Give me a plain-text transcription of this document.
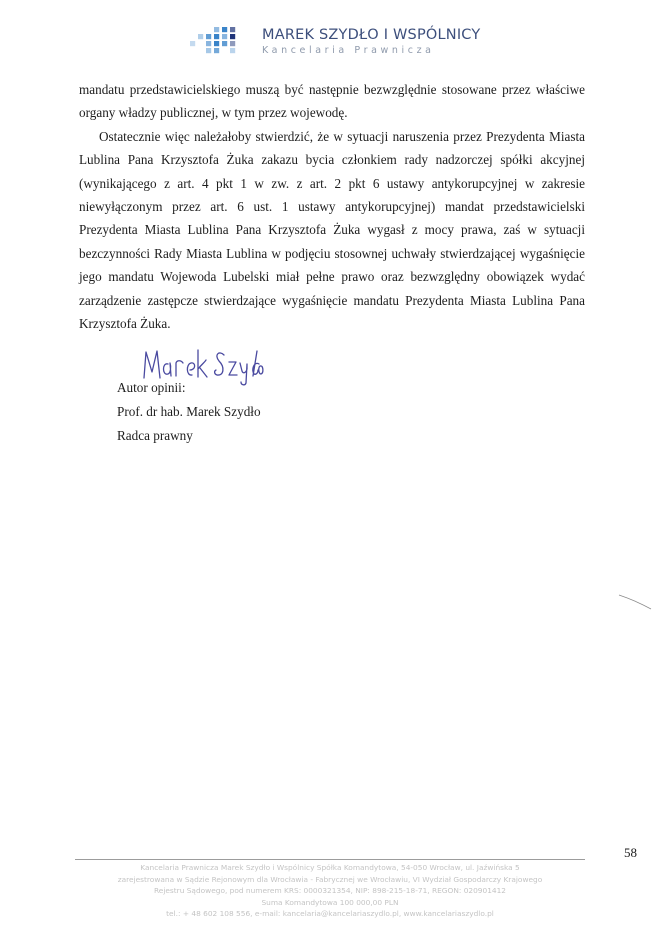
MAREK SZYDŁO I WSPÓLNICY
Kancelaria Prawnicza

mandatu przedstawicielskiego muszą być następnie bezwzględnie stosowane przez właściwe organy władzy publicznej, w tym przez wojewodę.

Ostatecznie więc należałoby stwierdzić, że w sytuacji naruszenia przez Prezydenta Miasta Lublina Pana Krzysztofa Żuka zakazu bycia członkiem rady nadzorczej spółki akcyjnej (wynikającego z art. 4 pkt 1 w zw. z art. 2 pkt 6 ustawy antykorupcyjnej w zakresie niewyłączonym przez art. 6 ust. 1 ustawy antykorupcyjnej) mandat przedstawicielski Prezydenta Miasta Lublina Pana Krzysztofa Żuka wygasł z mocy prawa, zaś w sytuacji bezczynności Rady Miasta Lublina w podjęciu stosownej uchwały stwierdzającej wygaśnięcie jego mandatu Wojewoda Lubelski miał pełne prawo oraz bezwzględny obowiązek wydać zarządzenie zastępcze stwierdzające wygaśnięcie mandatu Prezydenta Miasta Lublina Pana Krzysztofa Żuka.

Autor opinii:
Prof. dr hab. Marek Szydło
Radca prawny
58
Kancelaria Prawnicza Marek Szydło i Wspólnicy Spółka Komandytowa, 54-050 Wrocław, ul. Jaźwińska 5
zarejestrowana w Sądzie Rejonowym dla Wrocławia - Fabrycznej we Wrocławiu, VI Wydział Gospodarczy Krajowego
Rejestru Sądowego, pod numerem KRS: 0000321354, NIP: 898-215-18-71, REGON: 020901412
Suma Komandytowa 100 000,00 PLN
tel.: + 48 602 108 556, e-mail: kancelaria@kancelariaszydlo.pl, www.kancelariaszydlo.pl
